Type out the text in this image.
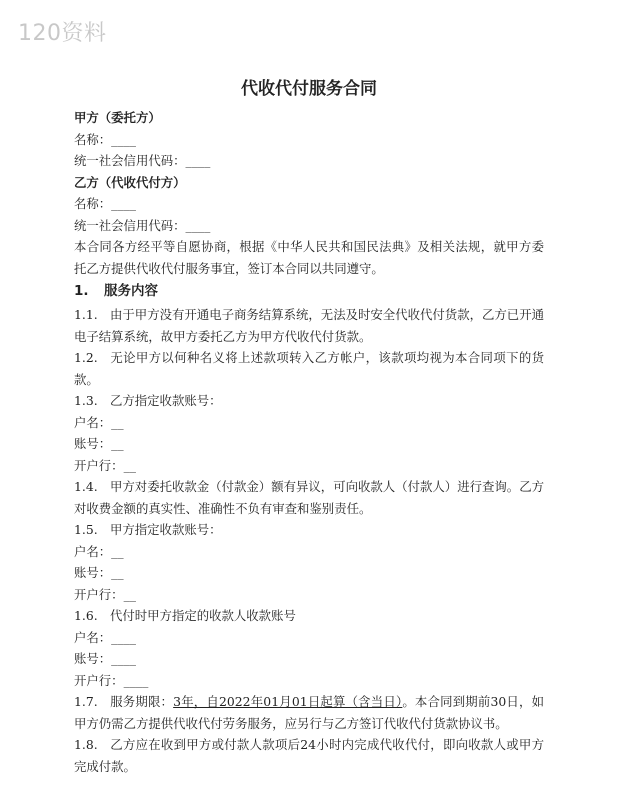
120资料
代收代付服务合同
甲方（委托方）
名称：____
统一社会信用代码：____
乙方（代收代付方）
名称：____
统一社会信用代码：____
本合同各方经平等自愿协商，根据《中华人民共和国民法典》及相关法规，就甲方委托乙方提供代收代付服务事宜，签订本合同以共同遵守。
1. 服务内容
1.1. 由于甲方没有开通电子商务结算系统，无法及时安全代收代付货款，乙方已开通电子结算系统，故甲方委托乙方为甲方代收代付货款。
1.2. 无论甲方以何种名义将上述款项转入乙方帐户，该款项均视为本合同项下的货款。
1.3. 乙方指定收款账号：
户名：__
账号：__
开户行：__
1.4. 甲方对委托收款金（付款金）额有异议，可向收款人（付款人）进行查询。乙方对收费金额的真实性、准确性不负有审查和鉴别责任。
1.5. 甲方指定收款账号：
户名：__
账号：__
开户行：__
1.6. 代付时甲方指定的收款人收款账号
户名：____
账号：____
开户行：____
1.7. 服务期限：3年，自2022年01月01日起算（含当日）。本合同到期前30日，如甲方仍需乙方提供代收代付劳务服务，应另行与乙方签订代收代付货款协议书。
1.8. 乙方应在收到甲方或付款人款项后24小时内完成代收代付，即向收款人或甲方完成付款。
